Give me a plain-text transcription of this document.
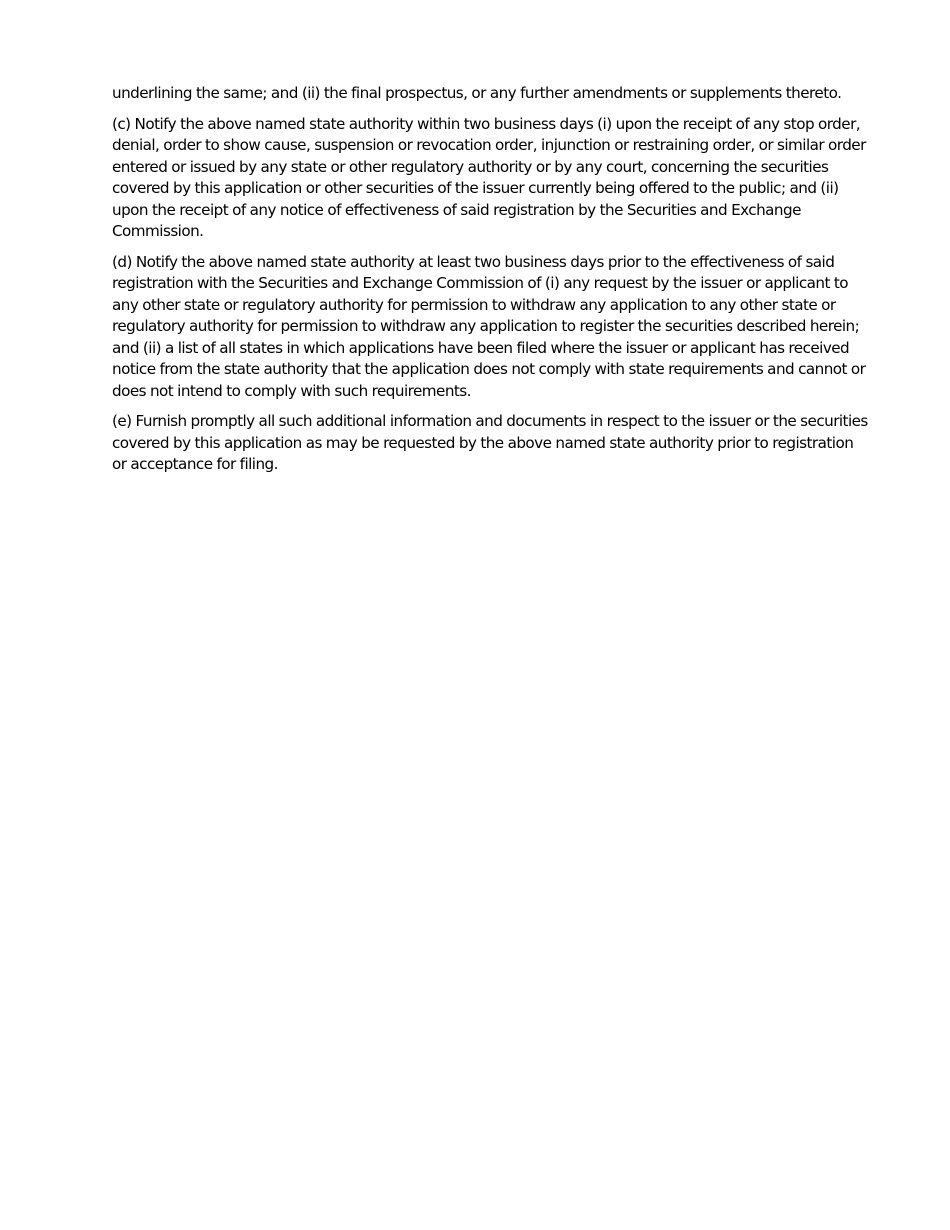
underlining the same; and (ii) the final prospectus, or any further amendments or supplements thereto.

(c) Notify the above named state authority within two business days (i) upon the receipt of any stop order, denial, order to show cause, suspension or revocation order, injunction or restraining order, or similar order entered or issued by any state or other regulatory authority or by any court, concerning the securities covered by this application or other securities of the issuer currently being offered to the public; and (ii) upon the receipt of any notice of effectiveness of said registration by the Securities and Exchange Commission.

(d) Notify the above named state authority at least two business days prior to the effectiveness of said registration with the Securities and Exchange Commission of (i) any request by the issuer or applicant to any other state or regulatory authority for permission to withdraw any application to any other state or regulatory authority for permission to withdraw any application to register the securities described herein; and (ii) a list of all states in which applications have been filed where the issuer or applicant has received notice from the state authority that the application does not comply with state requirements and cannot or does not intend to comply with such requirements.

(e) Furnish promptly all such additional information and documents in respect to the issuer or the securities covered by this application as may be requested by the above named state authority prior to registration or acceptance for filing.
